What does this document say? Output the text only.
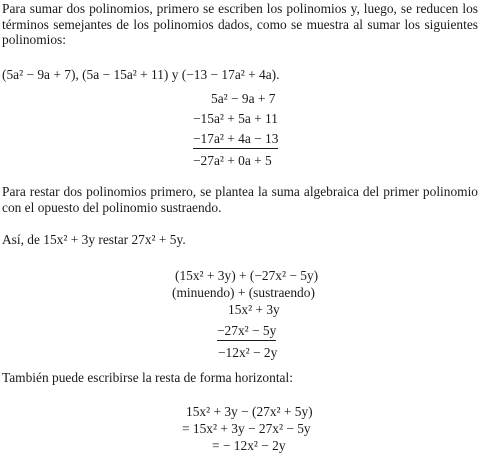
Para sumar dos polinomios, primero se escriben los polinomios y, luego, se reducen los términos semejantes de los polinomios dados, como se muestra al sumar los siguientes polinomios:

(5a² − 9a + 7), (5a − 15a² + 11) y (−13 − 17a² + 4a).
5a² − 9a + 7
−15a² + 5a + 11
−17a² + 4a − 13
−27a² + 0a + 5

Para restar dos polinomios primero, se plantea la suma algebraica del primer polinomio con el opuesto del polinomio sustraendo.

Así, de 15x² + 3y restar 27x² + 5y.
(15x² + 3y) + (−27x² − 5y)
(minuendo) + (sustraendo)
15x² + 3y
−27x² − 5y
−12x² − 2y
También puede escribirse la resta de forma horizontal:
15x² + 3y − (27x² + 5y)
= 15x² + 3y − 27x² − 5y
= − 12x² − 2y
